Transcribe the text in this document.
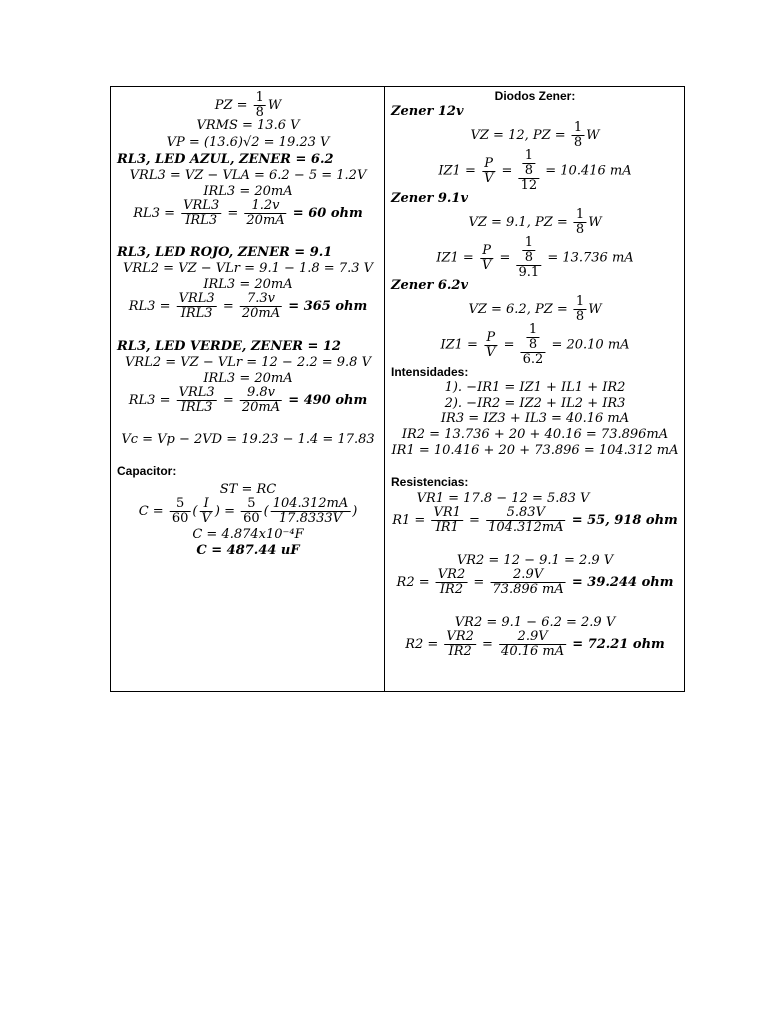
PZ = $\frac{1}{8}$ W
VRMS = 13.6 V
VP = (13.6)√2 = 19.23 V
RL3, LED AZUL, ZENER = 6.2
VRL3 = VZ − VLA = 6.2 − 5 = 1.2V
IRL3 = 20mA
$RL3 = \frac{\text{VRL3}}{\text{IRL3}} = \frac{1.2v}{20mA} = 60$ ohm
RL3, LED ROJO, ZENER = 9.1
VRL2 = VZ − VLr = 9.1 − 1.8 = 7.3 V
IRL3 = 20mA
$RL3 = \frac{\text{VRL3}}{\text{IRL3}} = \frac{7.3v}{20mA} = 365$ ohm
RL3, LED VERDE, ZENER = 12
VRL2 = VZ − VLr = 12 − 2.2 = 9.8 V
IRL3 = 20mA
$RL3 = \frac{\text{VRL3}}{\text{IRL3}} = \frac{9.8v}{20mA} = 490$ ohm
Vc = Vp − 2VD = 19.23 − 1.4 = 17.83
Capacitor:
ST = RC
$C = \frac{5}{60}$ ( $\frac{I}{V}$ ) = $\frac{5}{60}$ ( $\frac{104.312mA}{17.8333V}$ )
C = 4.874x10⁻⁴F
C = 487.44 uF
Diodos Zener:
Zener 12v
VZ = 12, PZ = $\frac{1}{8}$ W
$IZ1 = \frac{P}{V} = \frac{\frac{1}{8}}{12} = 10.416$ mA
Zener 9.1v
VZ = 9.1, PZ = $\frac{1}{8}$ W
$IZ1 = \frac{P}{V} = \frac{\frac{1}{8}}{9.1} = 13.736$ mA
Zener 6.2v
VZ = 6.2, PZ = $\frac{1}{8}$ W
$IZ1 = \frac{P}{V} = \frac{\frac{1}{8}}{6.2} = 20.10$ mA
Intensidades:
1). −IR1 = IZ1 + IL1 + IR2
2). −IR2 = IZ2 + IL2 + IR3
IR3 = IZ3 + IL3 = 40.16 mA
IR2 = 13.736 + 20 + 40.16 = 73.896mA
IR1 = 10.416 + 20 + 73.896 = 104.312 mA
Resistencias:
VR1 = 17.8 − 12 = 5.83 V
$R1 = \frac{VR1}{IR1} = \frac{5.83V}{104.312mA} = 55$, 918 ohm
VR2 = 12 − 9.1 = 2.9 V
$R2 = \frac{VR2}{IR2} = \frac{2.9V}{73.896 mA} = 39.244$ ohm
VR2 = 9.1 − 6.2 = 2.9 V
$R2 = \frac{VR2}{IR2} = \frac{2.9V}{40.16 mA} = 72.21$ ohm
